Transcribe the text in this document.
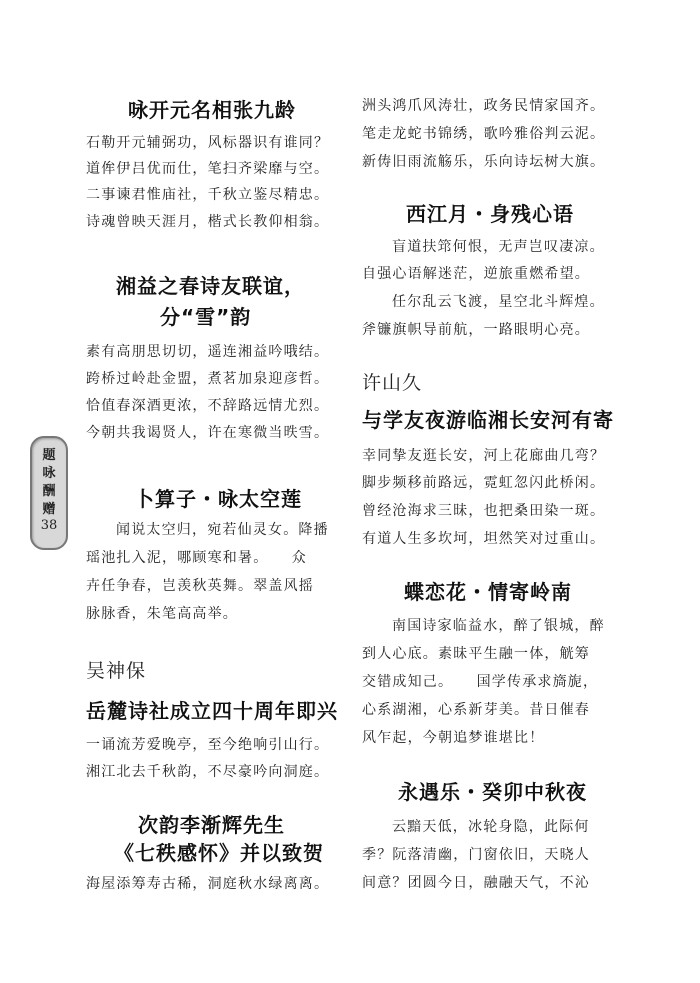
咏开元名相张九龄
石勒开元辅弼功，风标器识有谁同？
道侔伊吕优而仕，笔扫齐梁靡与空。
二事谏君惟庙社，千秋立鉴尽精忠。
诗魂曾映天涯月，楷式长教仰相翁。
湘益之春诗友联谊，
分“雪”韵
素有高朋思切切，遥连湘益吟哦结。
跨桥过岭赴金盟，煮茗加泉迎彦哲。
恰值春深酒更浓，不辞路远情尤烈。
今朝共我谒贤人，许在寒微当昳雪。
卜算子・咏太空莲
闻说太空归，宛若仙灵女。降播
瑶池扎入泥，哪顾寒和暑。　　众
卉任争春，岂羡秋英舞。翠盖风摇
脉脉香，朱笔高高举。
吴神保
岳麓诗社成立四十周年即兴
一诵流芳爱晚亭，至今绝响引山行。
湘江北去千秋韵，不尽豪吟向洞庭。
次韵李渐辉先生
《七秩感怀》并以致贺
海屋添筹寿古稀，洞庭秋水绿离离。
洲头鸿爪风涛壮，政务民情家国齐。
笔走龙蛇书锦绣，歌吟雅俗判云泥。
新俦旧雨流觞乐，乐向诗坛树大旗。
西江月・身残心语
盲道扶筇何恨，无声岂叹凄凉。
自强心语解迷茫，逆旅重燃希望。
任尔乱云飞渡，星空北斗辉煌。
斧镰旗帜导前航，一路眼明心亮。
许山久
与学友夜游临湘长安河有寄
幸同挚友逛长安，河上花廊曲几弯？
脚步频移前路远，霓虹忽闪此桥闲。
曾经沧海求三昧，也把桑田染一斑。
有道人生多坎坷，坦然笑对过重山。
蝶恋花・情寄岭南
南国诗家临益水，醉了银城，醉
到人心底。素昧平生融一体，觥筹
交错成知己。　　国学传承求旖旎，
心系湖湘，心系新芽美。昔日催春
风乍起，今朝追梦谁堪比！
永遇乐・癸卯中秋夜
云黯天低，冰轮身隐，此际何
季？阮落清幽，门窗依旧，天晓人
间意？团圆今日，融融天气，不沁
题
咏
酬
赠
38
